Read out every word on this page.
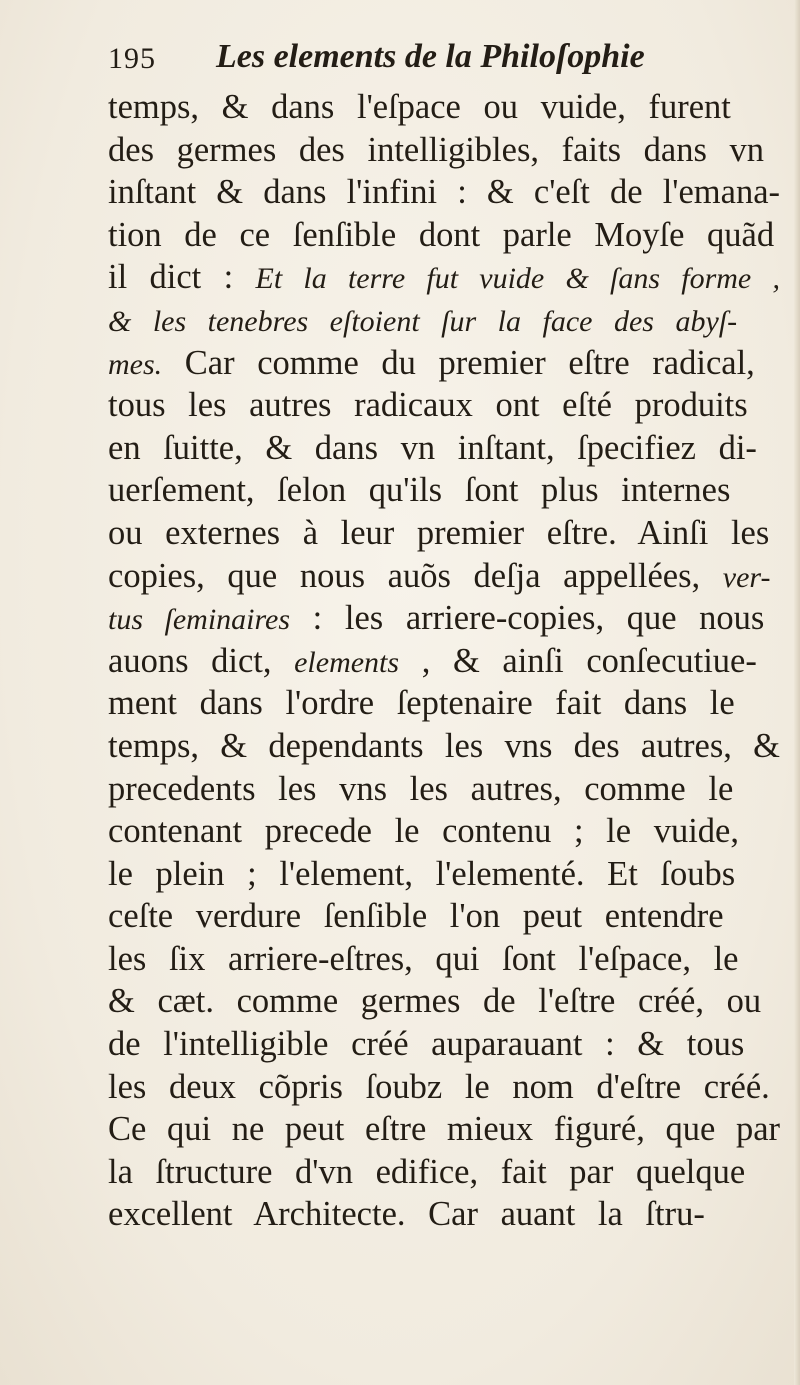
195 Les elements de la Philoſophie
temps, & dans l'eſpace ou vuide, furent
des germes des intelligibles, faits dans vn
inſtant & dans l'infini : & c'eſt de l'emana-
tion de ce ſenſible dont parle Moyſe quãd
il dict : Et la terre fut vuide & ſans forme ,
& les tenebres eſtoient ſur la face des abyſ-
mes. Car comme du premier eſtre radical,
tous les autres radicaux ont eſté produits
en ſuitte, & dans vn inſtant, ſpecifiez di-
uerſement, ſelon qu'ils ſont plus internes
ou externes à leur premier eſtre. Ainſi les
copies, que nous auõs deſja appellées, ver-
tus ſeminaires : les arriere-copies, que nous
auons dict, elements , & ainſi conſecutiue-
ment dans l'ordre ſeptenaire fait dans le
temps, & dependants les vns des autres, &
precedents les vns les autres, comme le
contenant precede le contenu ; le vuide,
le plein ; l'element, l'elementé. Et ſoubs
ceſte verdure ſenſible l'on peut entendre
les ſix arriere-eſtres, qui ſont l'eſpace, le
& cæt. comme germes de l'eſtre créé, ou
de l'intelligible créé auparauant : & tous
les deux cõpris ſoubz le nom d'eſtre créé.
Ce qui ne peut eſtre mieux figuré, que par
la ſtructure d'vn edifice, fait par quelque
excellent Architecte. Car auant la ſtru-
